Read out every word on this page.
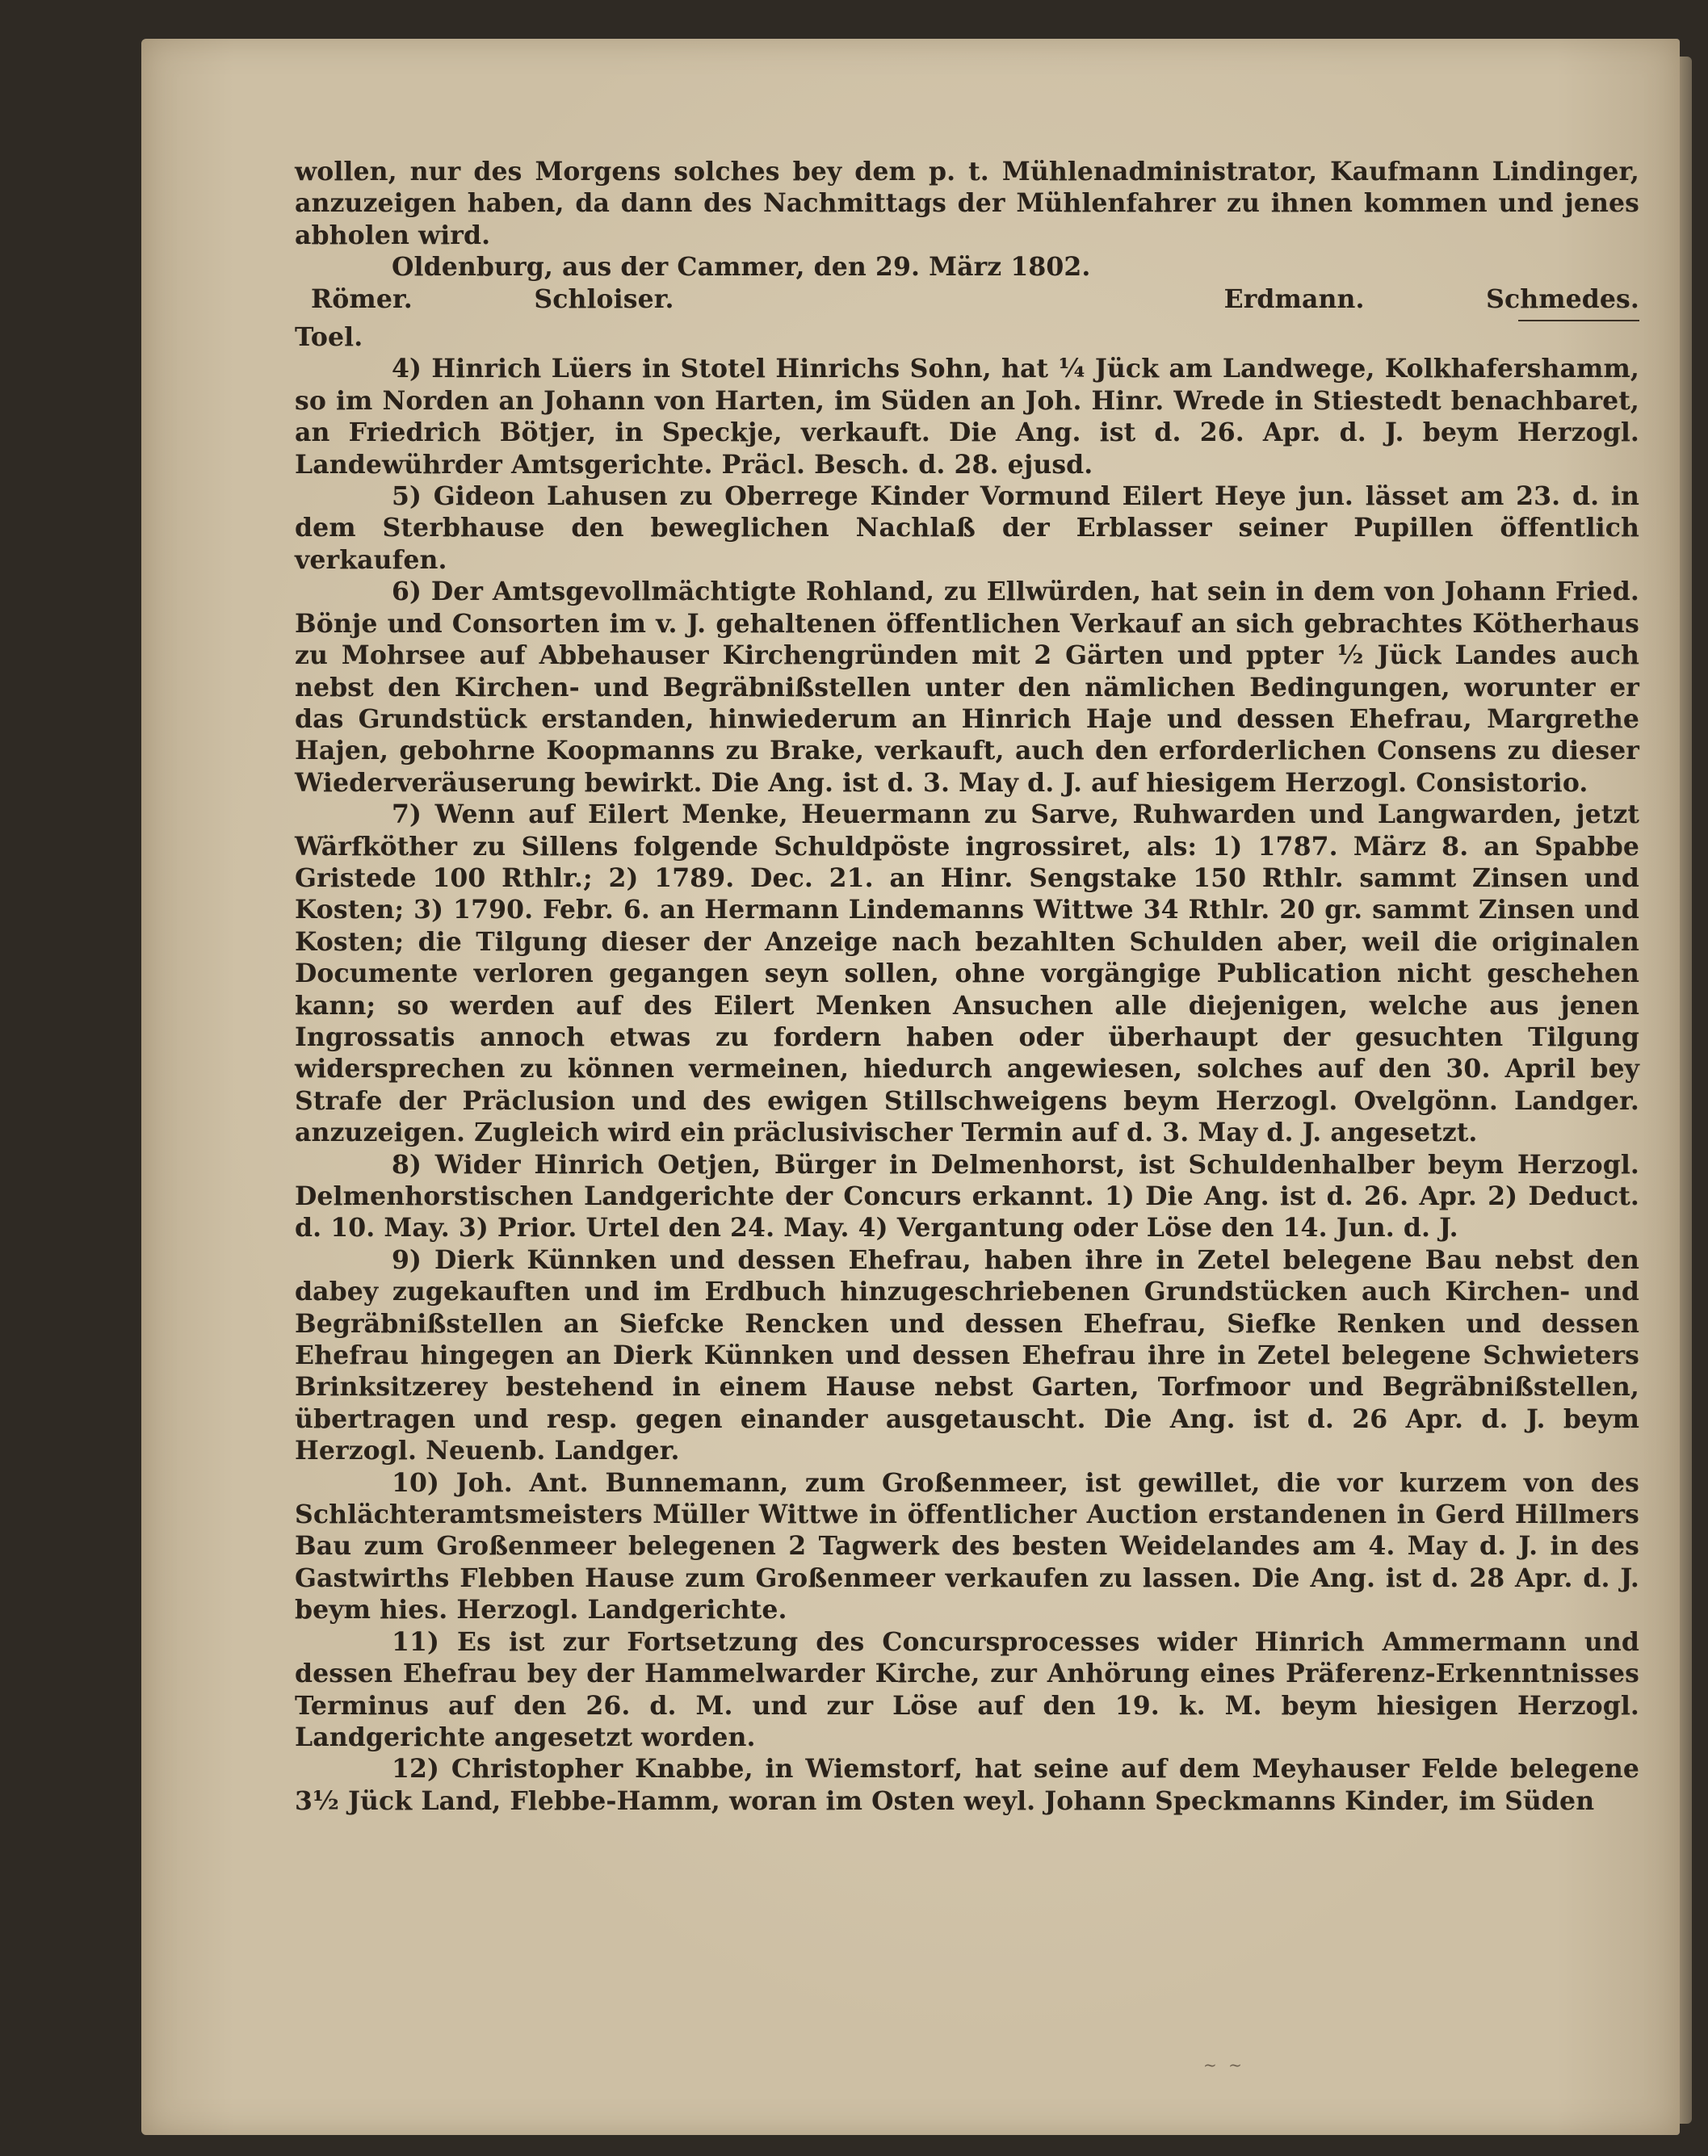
wollen, nur des Morgens solches bey dem p. t. Mühlenadministrator, Kaufmann Lindinger, anzuzeigen haben, da dann des Nachmittags der Mühlenfahrer zu ihnen kommen und jenes abholen wird.

Oldenburg, aus der Cammer, den 29. März 1802.

Römer.	Schloiser.	Erdmann.	Schmedes.

Toel.

4) Hinrich Lüers in Stotel Hinrichs Sohn, hat ¼ Jück am Landwege, Kolkhafershamm, so im Norden an Johann von Harten, im Süden an Joh. Hinr. Wrede in Stiestedt benachbaret, an Friedrich Bötjer, in Speckje, verkauft. Die Ang. ist d. 26. Apr. d. J. beym Herzogl. Landewührder Amtsgerichte. Präcl. Besch. d. 28. ejusd.

5) Gideon Lahusen zu Oberrege Kinder Vormund Eilert Heye jun. lässet am 23. d. in dem Sterbhause den beweglichen Nachlaß der Erblasser seiner Pupillen öffentlich verkaufen.

6) Der Amtsgevollmächtigte Rohland, zu Ellwürden, hat sein in dem von Johann Fried. Bönje und Consorten im v. J. gehaltenen öffentlichen Verkauf an sich gebrachtes Kötherhaus zu Mohrsee auf Abbehauser Kirchengründen mit 2 Gärten und ppter ½ Jück Landes auch nebst den Kirchen- und Begräbnißstellen unter den nämlichen Bedingungen, worunter er das Grundstück erstanden, hinwiederum an Hinrich Haje und dessen Ehefrau, Margrethe Hajen, gebohrne Koopmanns zu Brake, verkauft, auch den erforderlichen Consens zu dieser Wiederveräuserung bewirkt. Die Ang. ist d. 3. May d. J. auf hiesigem Herzogl. Consistorio.

7) Wenn auf Eilert Menke, Heuermann zu Sarve, Ruhwarden und Langwarden, jetzt Wärfköther zu Sillens folgende Schuldpöste ingrossiret, als: 1) 1787. März 8. an Spabbe Gristede 100 Rthlr.; 2) 1789. Dec. 21. an Hinr. Sengstake 150 Rthlr. sammt Zinsen und Kosten; 3) 1790. Febr. 6. an Hermann Lindemanns Wittwe 34 Rthlr. 20 gr. sammt Zinsen und Kosten; die Tilgung dieser der Anzeige nach bezahlten Schulden aber, weil die originalen Documente verloren gegangen seyn sollen, ohne vorgängige Publication nicht geschehen kann; so werden auf des Eilert Menken Ansuchen alle diejenigen, welche aus jenen Ingrossatis annoch etwas zu fordern haben oder überhaupt der gesuchten Tilgung widersprechen zu können vermeinen, hiedurch angewiesen, solches auf den 30. April bey Strafe der Präclusion und des ewigen Stillschweigens beym Herzogl. Ovelgönn. Landger. anzuzeigen. Zugleich wird ein präclusivischer Termin auf d. 3. May d. J. angesetzt.

8) Wider Hinrich Oetjen, Bürger in Delmenhorst, ist Schuldenhalber beym Herzogl. Delmenhorstischen Landgerichte der Concurs erkannt. 1) Die Ang. ist d. 26. Apr. 2) Deduct. d. 10. May. 3) Prior. Urtel den 24. May. 4) Vergantung oder Löse den 14. Jun. d. J.

9) Dierk Künnken und dessen Ehefrau, haben ihre in Zetel belegene Bau nebst den dabey zugekauften und im Erdbuch hinzugeschriebenen Grundstücken auch Kirchen- und Begräbnißstellen an Siefcke Rencken und dessen Ehefrau, Siefke Renken und dessen Ehefrau hingegen an Dierk Künnken und dessen Ehefrau ihre in Zetel belegene Schwieters Brinksitzerey bestehend in einem Hause nebst Garten, Torfmoor und Begräbnißstellen, übertragen und resp. gegen einander ausgetauscht. Die Ang. ist d. 26 Apr. d. J. beym Herzogl. Neuenb. Landger.

10) Joh. Ant. Bunnemann, zum Großenmeer, ist gewillet, die vor kurzem von des Schlächteramtsmeisters Müller Wittwe in öffentlicher Auction erstandenen in Gerd Hillmers Bau zum Großenmeer belegenen 2 Tagwerk des besten Weidelandes am 4. May d. J. in des Gastwirths Flebben Hause zum Großenmeer verkaufen zu lassen. Die Ang. ist d. 28 Apr. d. J. beym hies. Herzogl. Landgerichte.

11) Es ist zur Fortsetzung des Concursprocesses wider Hinrich Ammermann und dessen Ehefrau bey der Hammelwarder Kirche, zur Anhörung eines Präferenz-Erkenntnisses Terminus auf den 26. d. M. und zur Löse auf den 19. k. M. beym hiesigen Herzogl. Landgerichte angesetzt worden.

12) Christopher Knabbe, in Wiemstorf, hat seine auf dem Meyhauser Felde belegene 3½ Jück Land, Flebbe-Hamm, woran im Osten weyl. Johann Speckmanns Kinder, im Süden

~ ~
